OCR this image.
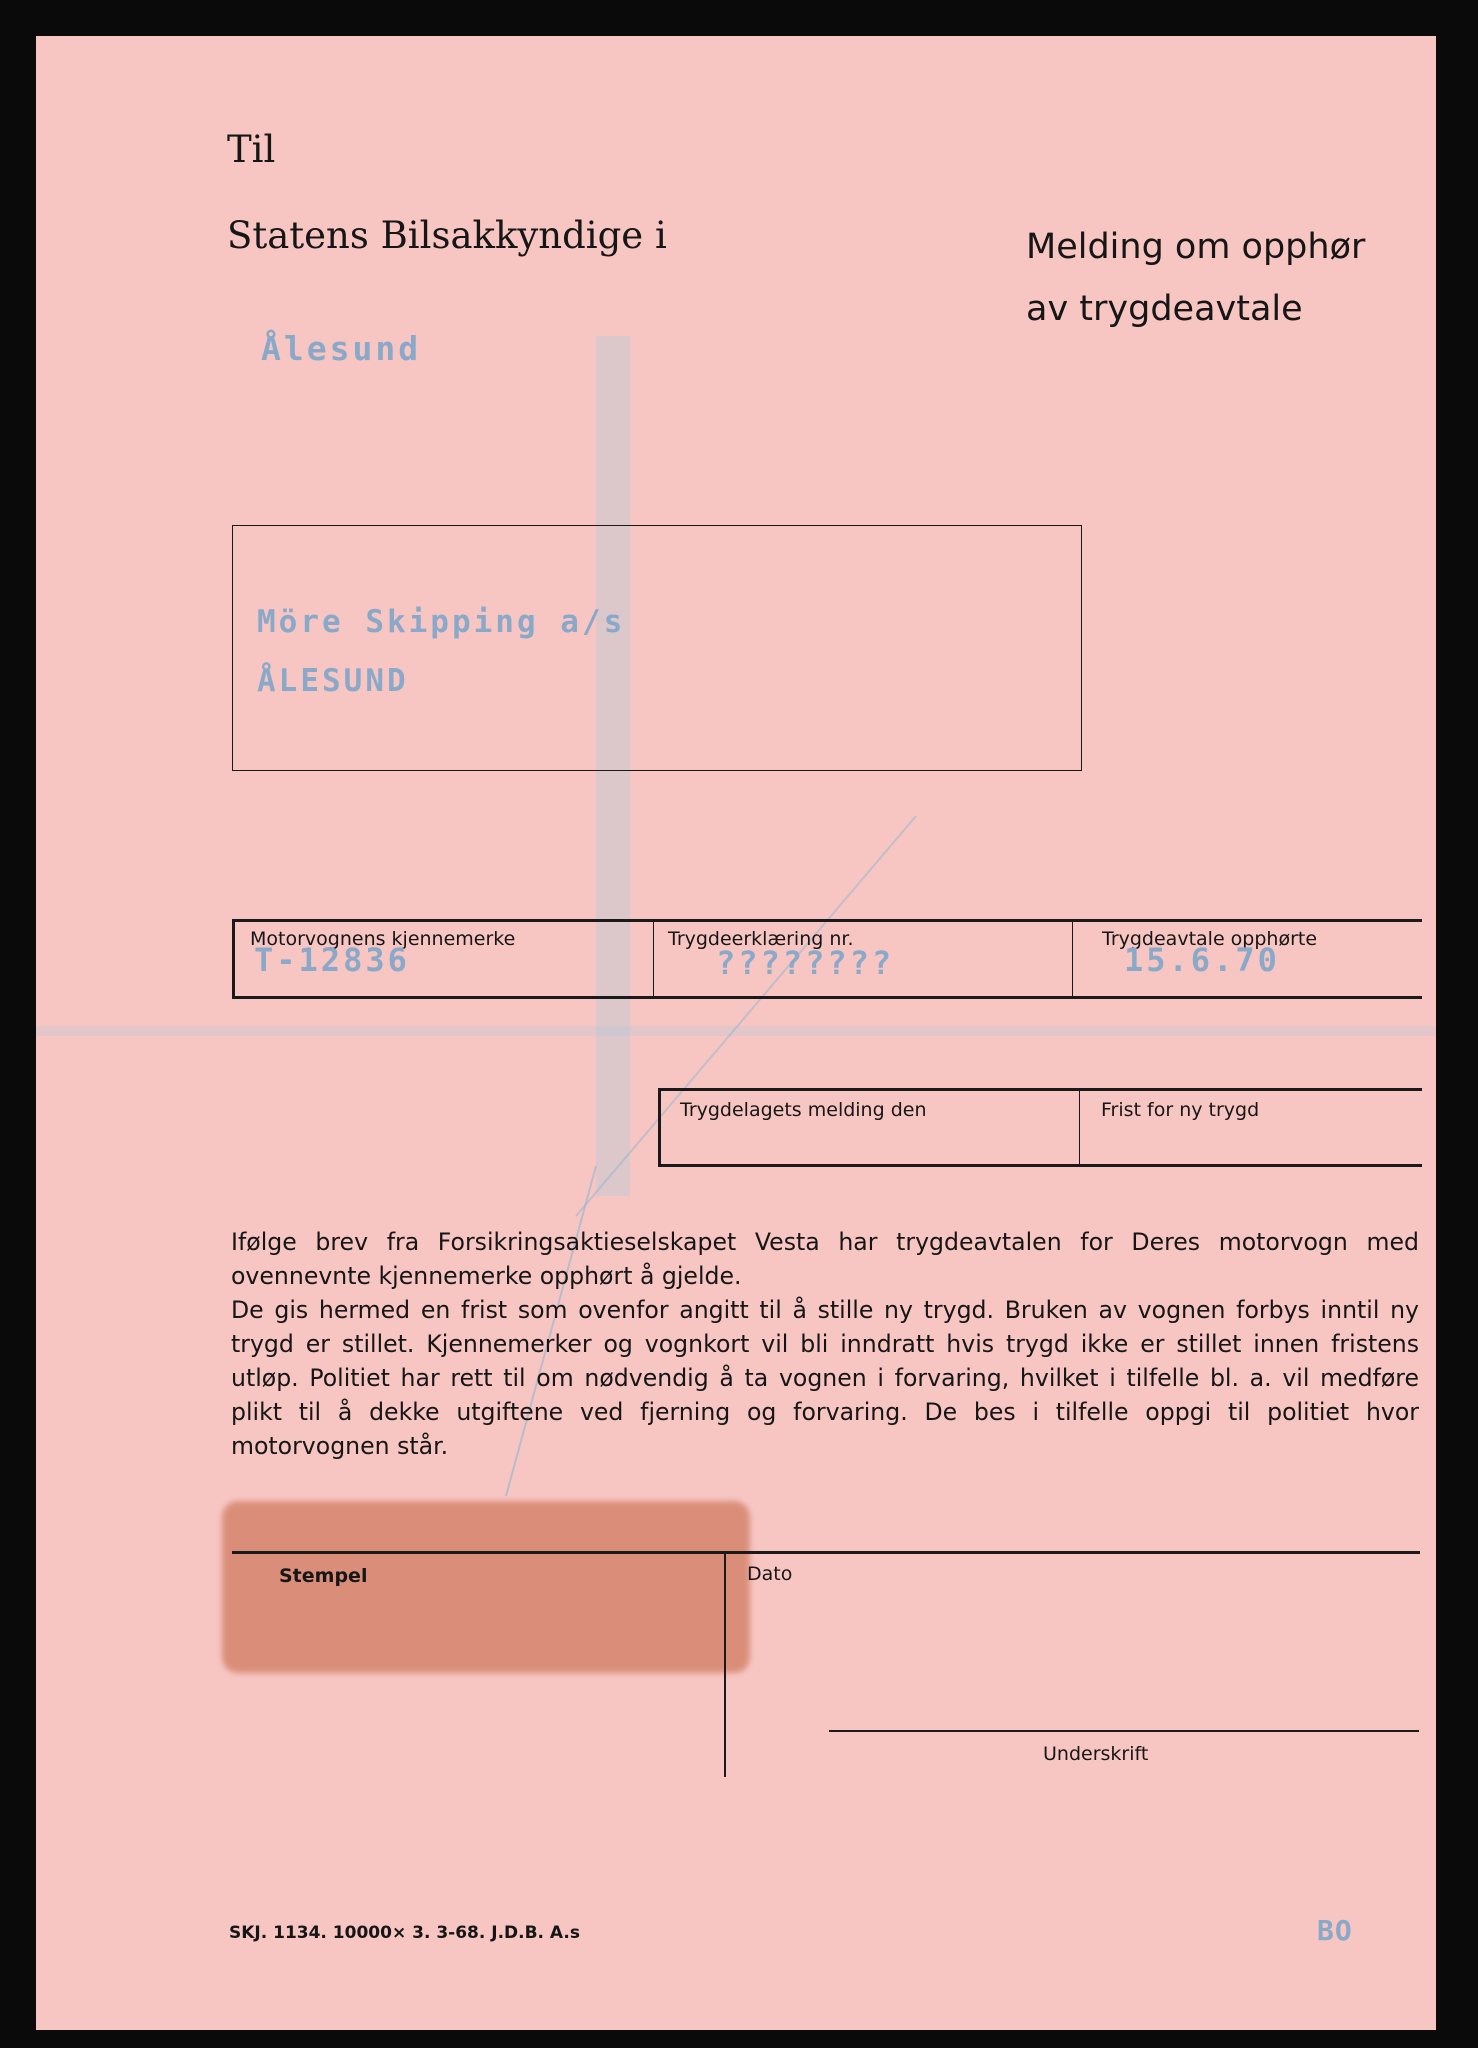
Til
Statens Bilsakkyndige i
Ålesund
Melding om opphør
av trygdeavtale
Möre Skipping a/s
ÅLESUND
Motorvognens kjennemerke	Trygdeerklæring nr.	Trygdeavtale opphørte
T-12836	????????	15.6.70
Trygdelagets melding den	Frist for ny trygd

Ifølge brev fra Forsikringsaktieselskapet Vesta har trygdeavtalen for Deres motorvogn med ovennevnte kjennemerke opphørt å gjelde.

De gis hermed en frist som ovenfor angitt til å stille ny trygd. Bruken av vognen forbys inntil ny trygd er stillet. Kjennemerker og vognkort vil bli inndratt hvis trygd ikke er stillet innen fristens utløp. Politiet har rett til om nødvendig å ta vognen i forvaring, hvilket i tilfelle bl. a. vil medføre plikt til å dekke utgiftene ved fjerning og forvaring. De bes i tilfelle oppgi til politiet hvor motorvognen står.

Stempel	Dato
Underskrift
SKJ. 1134. 10000× 3. 3-68. J.D.B. A.s	BO
